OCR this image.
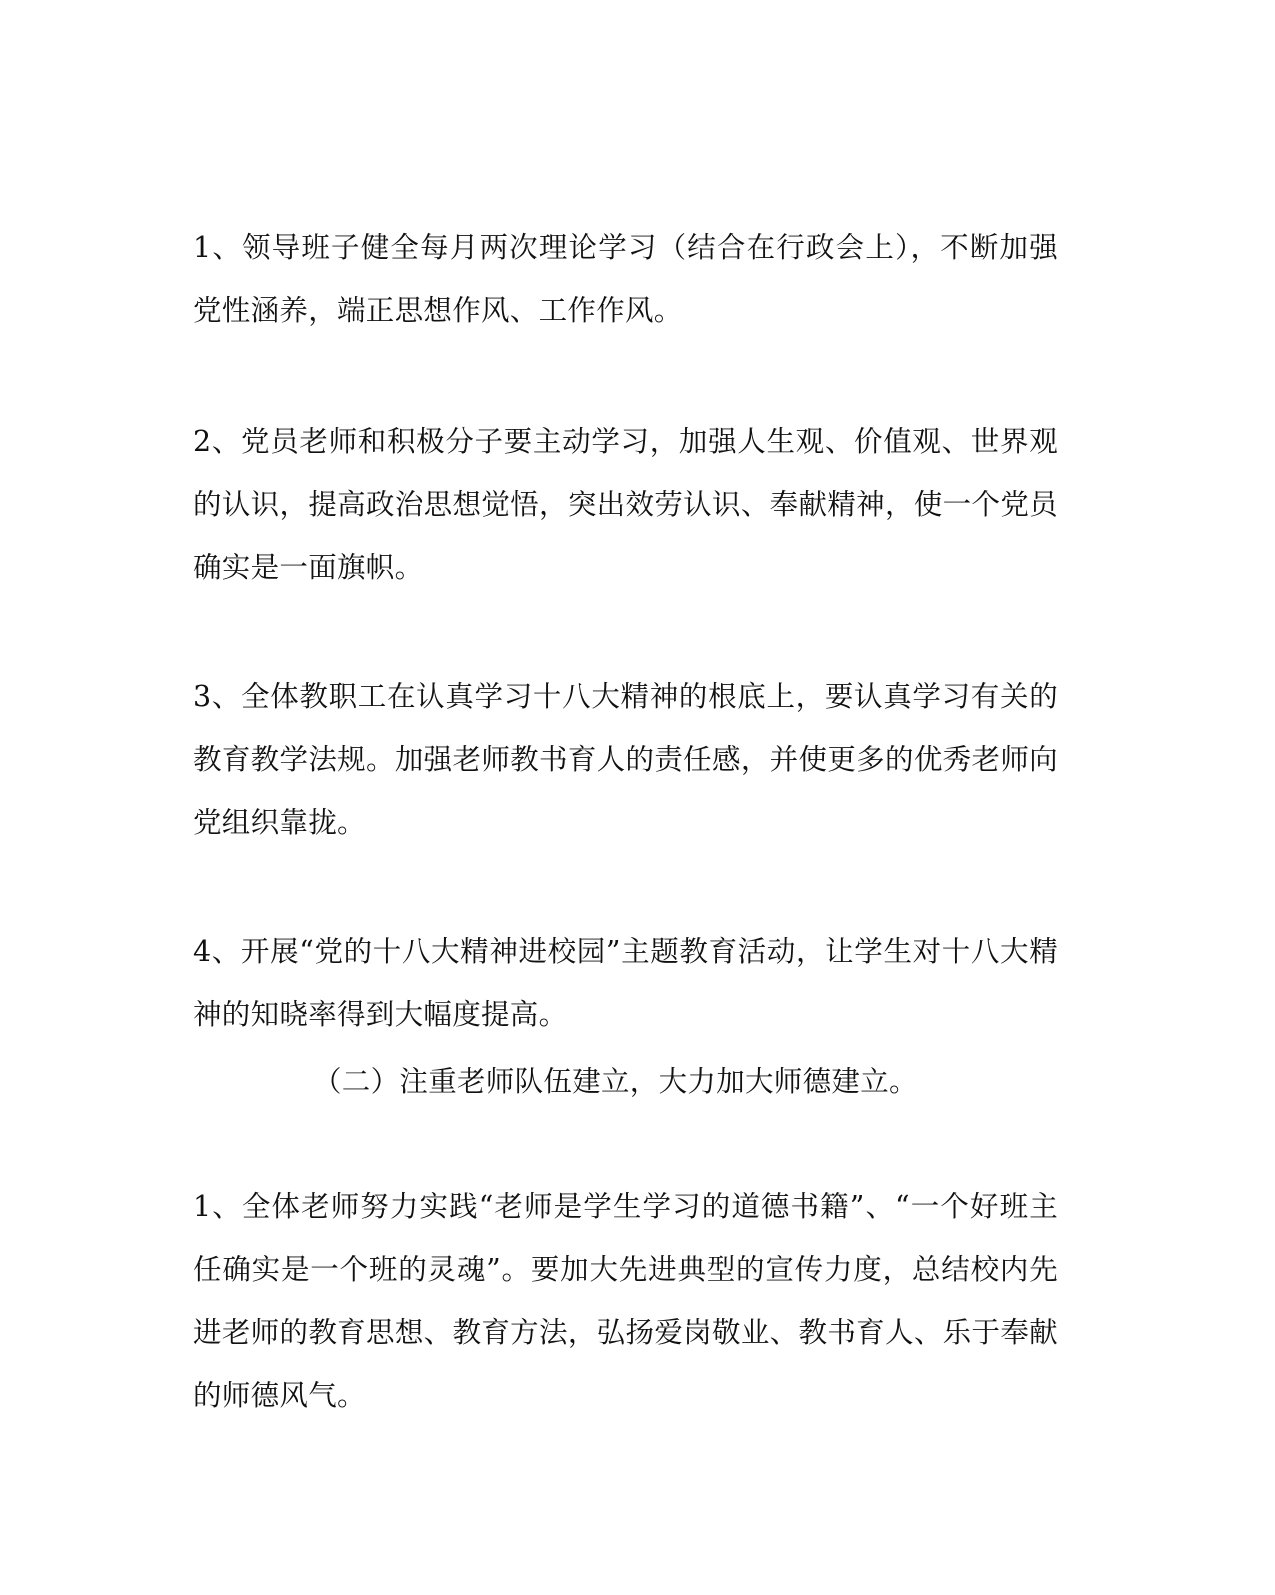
1、领导班子健全每月两次理论学习（结合在行政会上），不断加强党性涵养，端正思想作风、工作作风。

2、党员老师和积极分子要主动学习，加强人生观、价值观、世界观的认识，提高政治思想觉悟，突出效劳认识、奉献精神，使一个党员确实是一面旗帜。

3、全体教职工在认真学习十八大精神的根底上，要认真学习有关的教育教学法规。加强老师教书育人的责任感，并使更多的优秀老师向党组织靠拢。

4、开展“党的十八大精神进校园”主题教育活动，让学生对十八大精神的知晓率得到大幅度提高。

（二）注重老师队伍建立，大力加大师德建立。

1、全体老师努力实践“老师是学生学习的道德书籍”、“一个好班主任确实是一个班的灵魂”。要加大先进典型的宣传力度，总结校内先进老师的教育思想、教育方法，弘扬爱岗敬业、教书育人、乐于奉献的师德风气。
